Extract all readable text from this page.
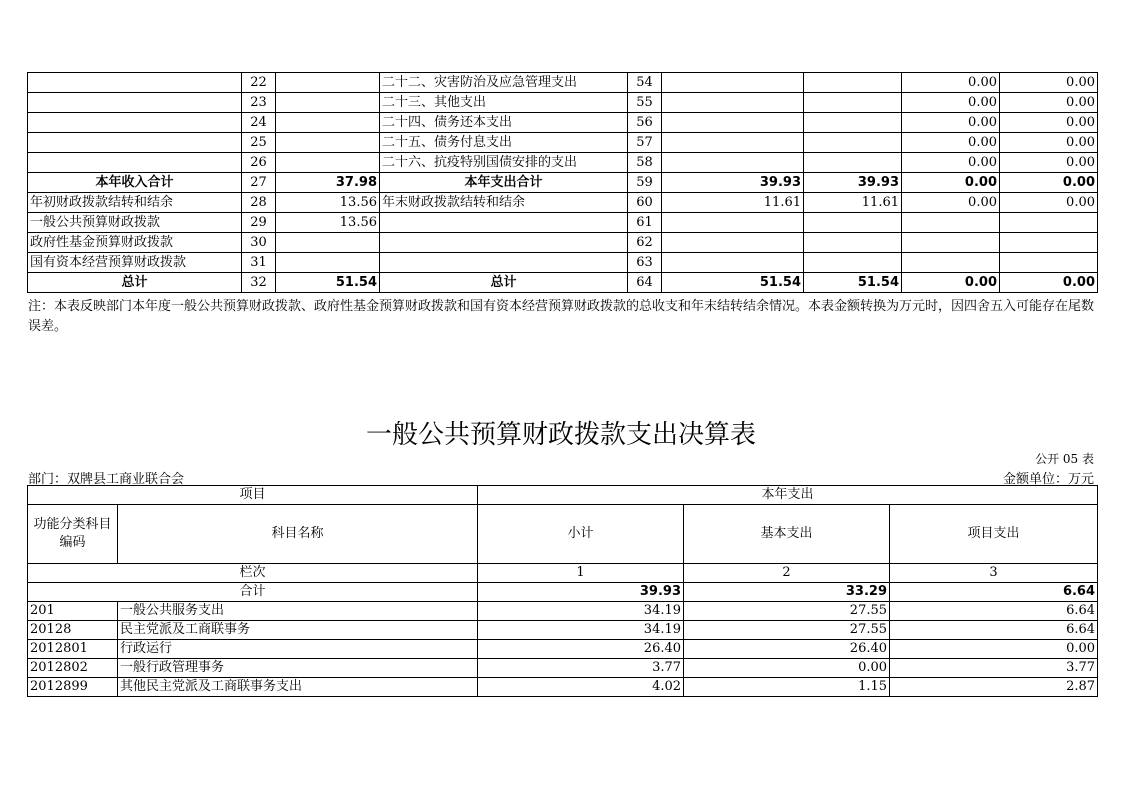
	22		二十二、灾害防治及应急管理支出	54			0.00	0.00
	23		二十三、其他支出	55			0.00	0.00
	24		二十四、债务还本支出	56			0.00	0.00
	25		二十五、债务付息支出	57			0.00	0.00
	26		二十六、抗疫特别国债安排的支出	58			0.00	0.00
本年收入合计	27	37.98	本年支出合计	59	39.93	39.93	0.00	0.00
年初财政拨款结转和结余	28	13.56	年末财政拨款结转和结余	60	11.61	11.61	0.00	0.00
一般公共预算财政拨款	29	13.56		61				
政府性基金预算财政拨款	30			62				
国有资本经营预算财政拨款	31			63				
总计	32	51.54	总计	64	51.54	51.54	0.00	0.00
注：本表反映部门本年度一般公共预算财政拨款、政府性基金预算财政拨款和国有资本经营预算财政拨款的总收支和年末结转结余情况。本表金额转换为万元时，因四舍五入可能存在尾数误差。
一般公共预算财政拨款支出决算表
公开 05 表
部门：双牌县工商业联合会	金额单位：万元
项目		本年支出		
功能分类科目编码	科目名称	小计	基本支出	项目支出
栏次		1	2	3
合计		39.93	33.29	6.64
201	一般公共服务支出	34.19	27.55	6.64
20128	民主党派及工商联事务	34.19	27.55	6.64
2012801	行政运行	26.40	26.40	0.00
2012802	一般行政管理事务	3.77	0.00	3.77
2012899	其他民主党派及工商联事务支出	4.02	1.15	2.87
